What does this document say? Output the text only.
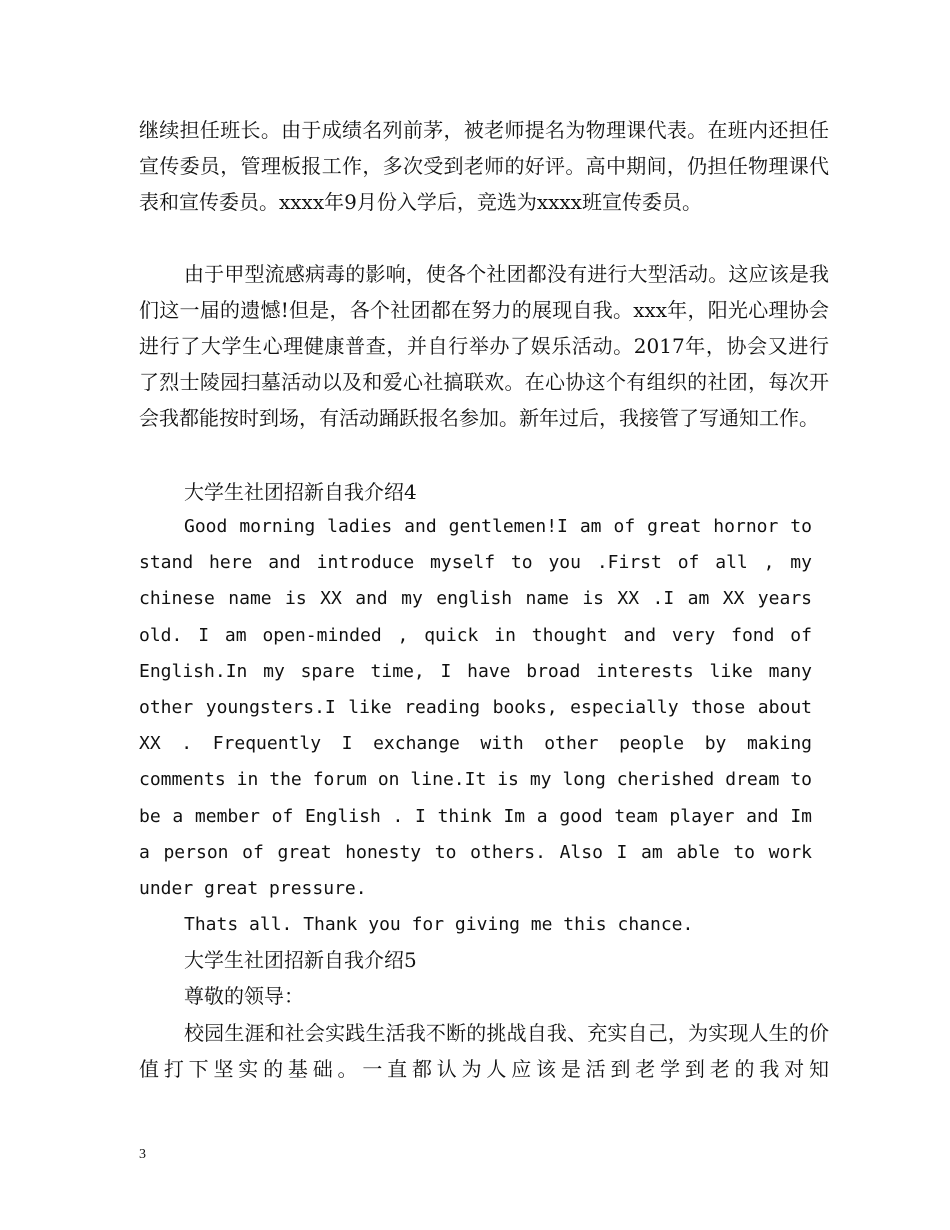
继续担任班长。由于成绩名列前茅，被老师提名为物理课代表。在班内还担任宣传委员，管理板报工作，多次受到老师的好评。高中期间，仍担任物理课代表和宣传委员。xxxx年9月份入学后，竞选为xxxx班宣传委员。

由于甲型流感病毒的影响，使各个社团都没有进行大型活动。这应该是我们这一届的遗憾!但是，各个社团都在努力的展现自我。xxx年，阳光心理协会进行了大学生心理健康普查，并自行举办了娱乐活动。2017年，协会又进行了烈士陵园扫墓活动以及和爱心社搞联欢。在心协这个有组织的社团，每次开会我都能按时到场，有活动踊跃报名参加。新年过后，我接管了写通知工作。

大学生社团招新自我介绍4

Good morning ladies and gentlemen!I am of great hornor to
stand here and introduce myself to you .First of all , my
chinese name is XX and my english name is XX .I am XX years
old. I am open-minded , quick in thought and very fond of
English.In my spare time, I have broad interests like many
other youngsters.I like reading books, especially those about
XX . Frequently I exchange with other people by making
comments in the forum on line.It is my long cherished dream to
be a member of English . I think Im a good team player and Im
a person of great honesty to others. Also I am able to work
under great pressure.

Thats all. Thank you for giving me this chance.

大学生社团招新自我介绍5

尊敬的领导：

校园生涯和社会实践生活我不断的挑战自我、充实自己，为实现人生的价值打下坚实的基础。一直都认为人应该是活到老学到老的我对知

3
